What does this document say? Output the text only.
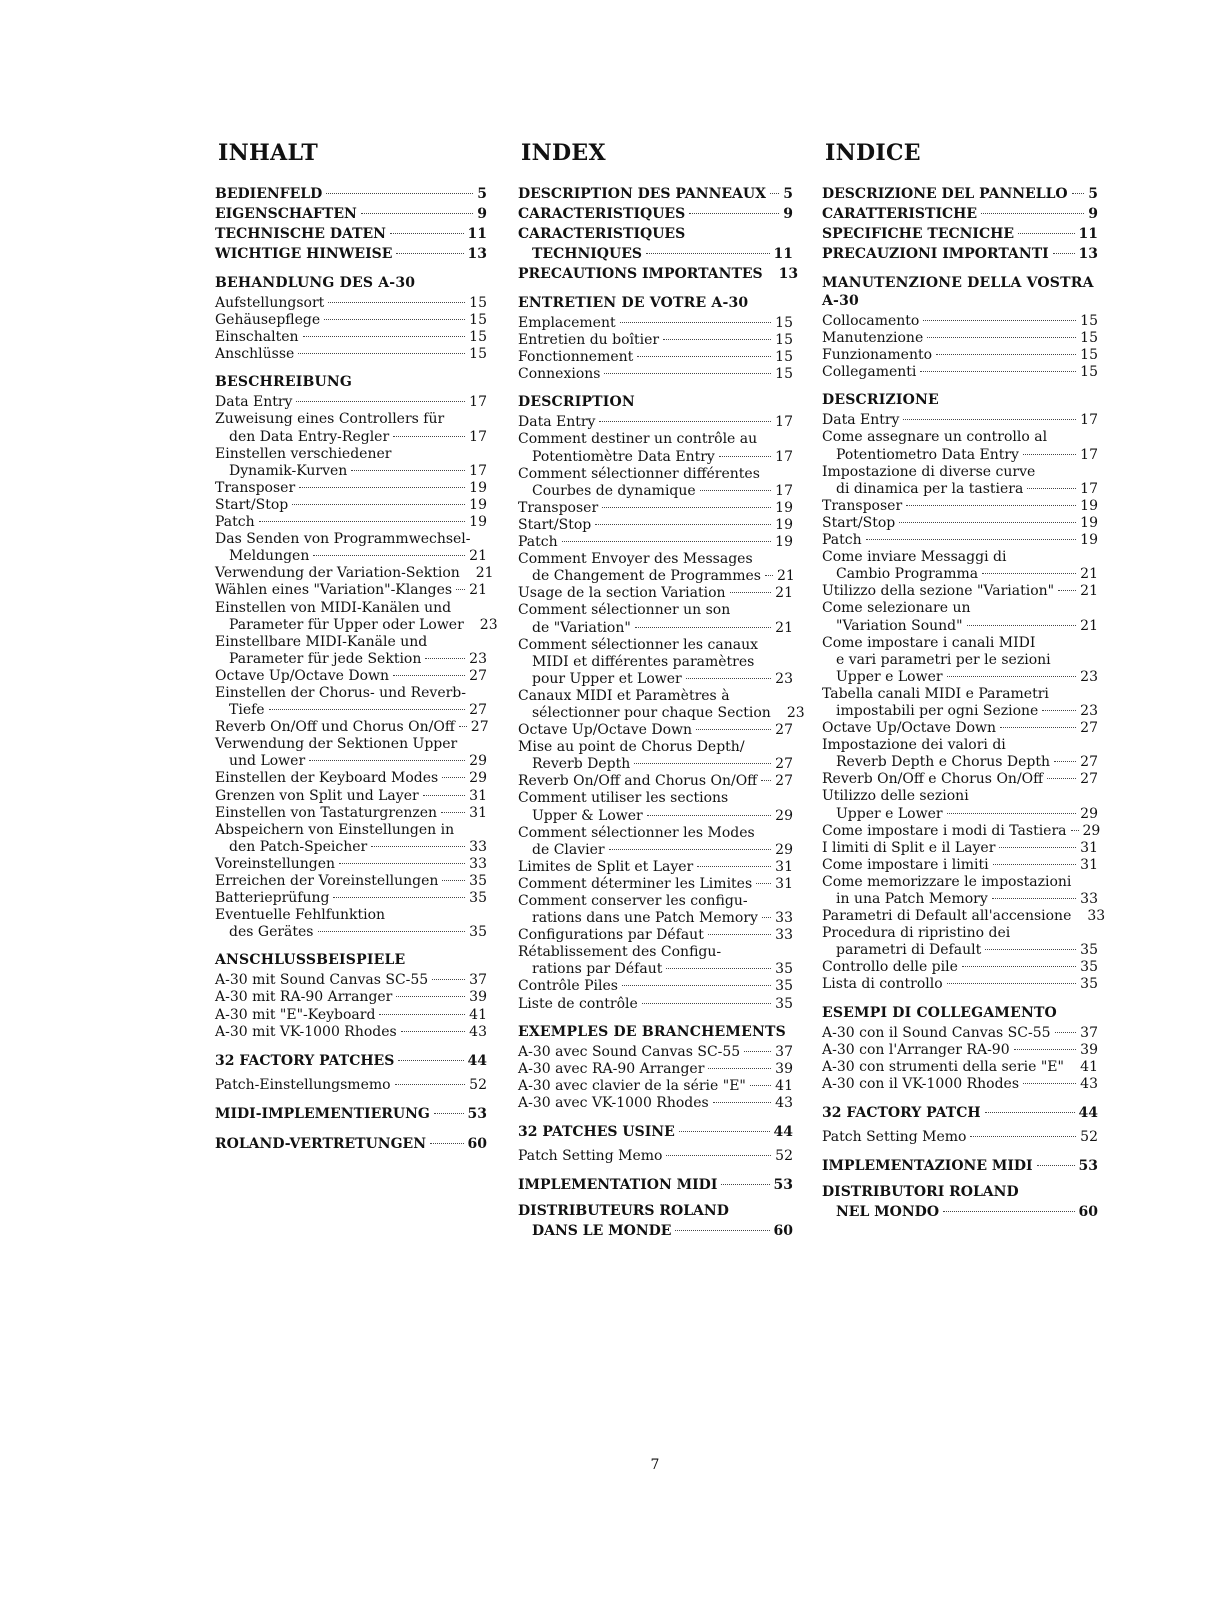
INHALT
BEDIENFELD	5
EIGENSCHAFTEN	9
TECHNISCHE DATEN	11
WICHTIGE HINWEISE	13
BEHANDLUNG DES A-30
Aufstellungsort	15
Gehäusepflege	15
Einschalten	15
Anschlüsse	15
BESCHREIBUNG
Data Entry	17
Zuweisung eines Controllers für
den Data Entry-Regler	17
Einstellen verschiedener
Dynamik-Kurven	17
Transposer	19
Start/Stop	19
Patch	19
Das Senden von Programmwechsel-
Meldungen	21
Verwendung der Variation-Sektion 21
Wählen eines "Variation"-Klanges 21
Einstellen von MIDI-Kanälen und
Parameter für Upper oder Lower 23
Einstellbare MIDI-Kanäle und
Parameter für jede Sektion	23
Octave Up/Octave Down	27
Einstellen der Chorus- und Reverb-
Tiefe	27
Reverb On/Off und Chorus On/Off 27
Verwendung der Sektionen Upper
und Lower	29
Einstellen der Keyboard Modes 29
Grenzen von Split und Layer	31
Einstellen von Tastaturgrenzen 31
Abspeichern von Einstellungen in
den Patch-Speicher	33
Voreinstellungen	33
Erreichen der Voreinstellungen 35
Batterieprüfung	35
Eventuelle Fehlfunktion
des Gerätes	35
ANSCHLUSSBEISPIELE
A-30 mit Sound Canvas SC-55	37
A-30 mit RA-90 Arranger	39
A-30 mit "E"-Keyboard	41
A-30 mit VK-1000 Rhodes	43
32 FACTORY PATCHES	44
Patch-Einstellungsmemo	52
MIDI-IMPLEMENTIERUNG	53
ROLAND-VERTRETUNGEN	60
INDEX
DESCRIPTION DES PANNEAUX 5
CARACTERISTIQUES	9
CARACTERISTIQUES
TECHNIQUES	11
PRECAUTIONS IMPORTANTES 13
ENTRETIEN DE VOTRE A-30
Emplacement	15
Entretien du boîtier	15
Fonctionnement	15
Connexions	15
DESCRIPTION
Data Entry	17
Comment destiner un contrôle au
Potentiomètre Data Entry	17
Comment sélectionner différentes
Courbes de dynamique	17
Transposer	19
Start/Stop	19
Patch	19
Comment Envoyer des Messages
de Changement de Programmes 21
Usage de la section Variation	21
Comment sélectionner un son
de "Variation"	21
Comment sélectionner les canaux
MIDI et différentes paramètres
pour Upper et Lower	23
Canaux MIDI et Paramètres à
sélectionner pour chaque Section 23
Octave Up/Octave Down	27
Mise au point de Chorus Depth/
Reverb Depth	27
Reverb On/Off and Chorus On/Off 27
Comment utiliser les sections
Upper & Lower	29
Comment sélectionner les Modes
de Clavier	29
Limites de Split et Layer	31
Comment déterminer les Limites 31
Comment conserver les configu-
rations dans une Patch Memory 33
Configurations par Défaut	33
Rétablissement des Configu-
rations par Défaut	35
Contrôle Piles	35
Liste de contrôle	35
EXEMPLES DE BRANCHEMENTS
A-30 avec Sound Canvas SC-55 37
A-30 avec RA-90 Arranger	39
A-30 avec clavier de la série "E" 41
A-30 avec VK-1000 Rhodes	43
32 PATCHES USINE	44
Patch Setting Memo	52
IMPLEMENTATION MIDI	53
DISTRIBUTEURS ROLAND
DANS LE MONDE	60
INDICE
DESCRIZIONE DEL PANNELLO 5
CARATTERISTICHE	9
SPECIFICHE TECNICHE	11
PRECAUZIONI IMPORTANTI 13
MANUTENZIONE DELLA VOSTRA A-30
Collocamento	15
Manutenzione	15
Funzionamento	15
Collegamenti	15
DESCRIZIONE
Data Entry	17
Come assegnare un controllo al
Potentiometro Data Entry	17
Impostazione di diverse curve
di dinamica per la tastiera	17
Transposer	19
Start/Stop	19
Patch	19
Come inviare Messaggi di
Cambio Programma	21
Utilizzo della sezione "Variation" 21
Come selezionare un
"Variation Sound"	21
Come impostare i canali MIDI
e vari parametri per le sezioni
Upper e Lower	23
Tabella canali MIDI e Parametri
impostabili per ogni Sezione	23
Octave Up/Octave Down	27
Impostazione dei valori di
Reverb Depth e Chorus Depth 27
Reverb On/Off e Chorus On/Off	27
Utilizzo delle sezioni
Upper e Lower	29
Come impostare i modi di Tastiera 29
I limiti di Split e il Layer	31
Come impostare i limiti	31
Come memorizzare le impostazioni
in una Patch Memory	33
Parametri di Default all'accensione 33
Procedura di ripristino dei
parametri di Default	35
Controllo delle pile	35
Lista di controllo	35
ESEMPI DI COLLEGAMENTO
A-30 con il Sound Canvas SC-55 37
A-30 con l'Arranger RA-90	39
A-30 con strumenti della serie "E" 41
A-30 con il VK-1000 Rhodes	43
32 FACTORY PATCH	44
Patch Setting Memo	52
IMPLEMENTAZIONE MIDI	53
DISTRIBUTORI ROLAND
NEL MONDO	60
7
